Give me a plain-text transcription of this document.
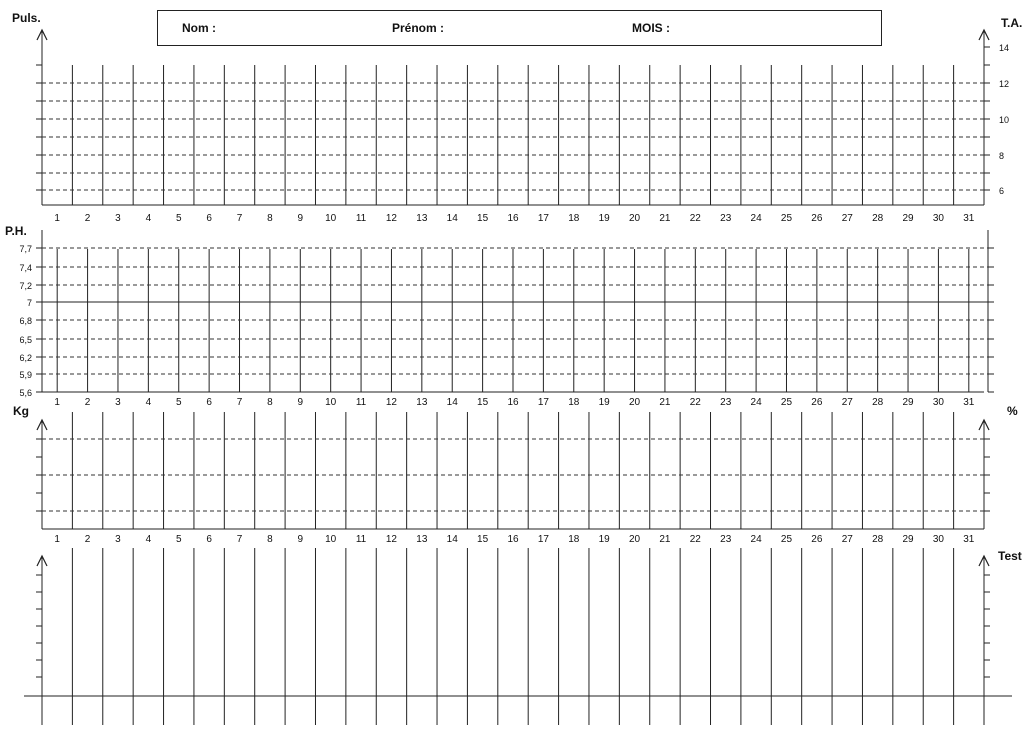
Nom :	Prénom :	MOIS :
Puls.	T.A.
P.H.
Kg	%
Test
14
12
10
8
6
1 2 3 4 5 6 7 8 9 10 11 12 13 14 15 16 17 18 19 20 21 22 23 24 25 26 27 28 29 30 31
7,7
7,4
7,2
7
6,8
6,5
6,2
5,9
5,6
1 2 3 4 5 6 7 8 9 10 11 12 13 14 15 16 17 18 19 20 21 22 23 24 25 26 27 28 29 30 31
1 2 3 4 5 6 7 8 9 10 11 12 13 14 15 16 17 18 19 20 21 22 23 24 25 26 27 28 29 30 31
